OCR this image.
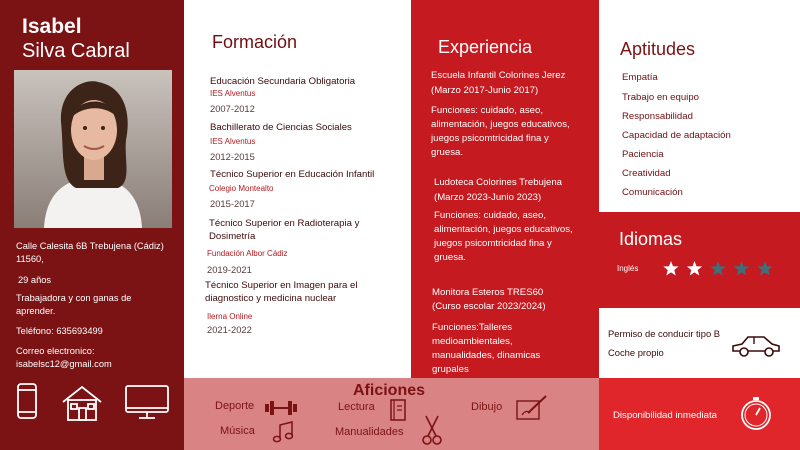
Isabel
Silva Cabral
Calle Calesita 6B Trebujena (Cádiz) 11560,
29 años
Trabajadora y con ganas de aprender.
Teléfono: 635693499
Correo electronico:
isabelsc12@gmail.com
Formación
Educación Secundaria Obligatoria
IES Alventus
2007-2012
Bachillerato de Ciencias Sociales
IES Alventus
2012-2015
Técnico Superior en Educación Infantil
Colegio Montealto
2015-2017
Técnico Superior en Radioterapia y Dosimetría
Fundación Albor Cádiz
2019-2021
Técnico Superior en Imagen para el diagnostico y medicina nuclear
Ilerna Online
2021-2022
Experiencia
Escuela Infantil Colorines Jerez
(Marzo 2017-Junio 2017)
Funciones: cuidado, aseo, alimentación, juegos educativos, juegos psicomtricidad fina y gruesa.
Ludoteca Colorines Trebujena
(Marzo 2023-Junio 2023)
Funciones: cuidado, aseo, alimentación, juegos educativos, juegos psicomtricidad fina y gruesa.
Monitora Esteros TRES60
(Curso escolar 2023/2024)
Funciones:Talleres medioambientales, manualidades, dinamicas grupales
Aptitudes
Empatía
Trabajo en equipo
Responsabilidad
Capacidad de adaptación
Paciencia
Creatividad
Comunicación
Idiomas
Inglés
Permiso de conducir tipo B
Coche propio
Aficiones
Deporte	Lectura	Dibujo
Música	Manualidades
Disponibilidad inmediata
